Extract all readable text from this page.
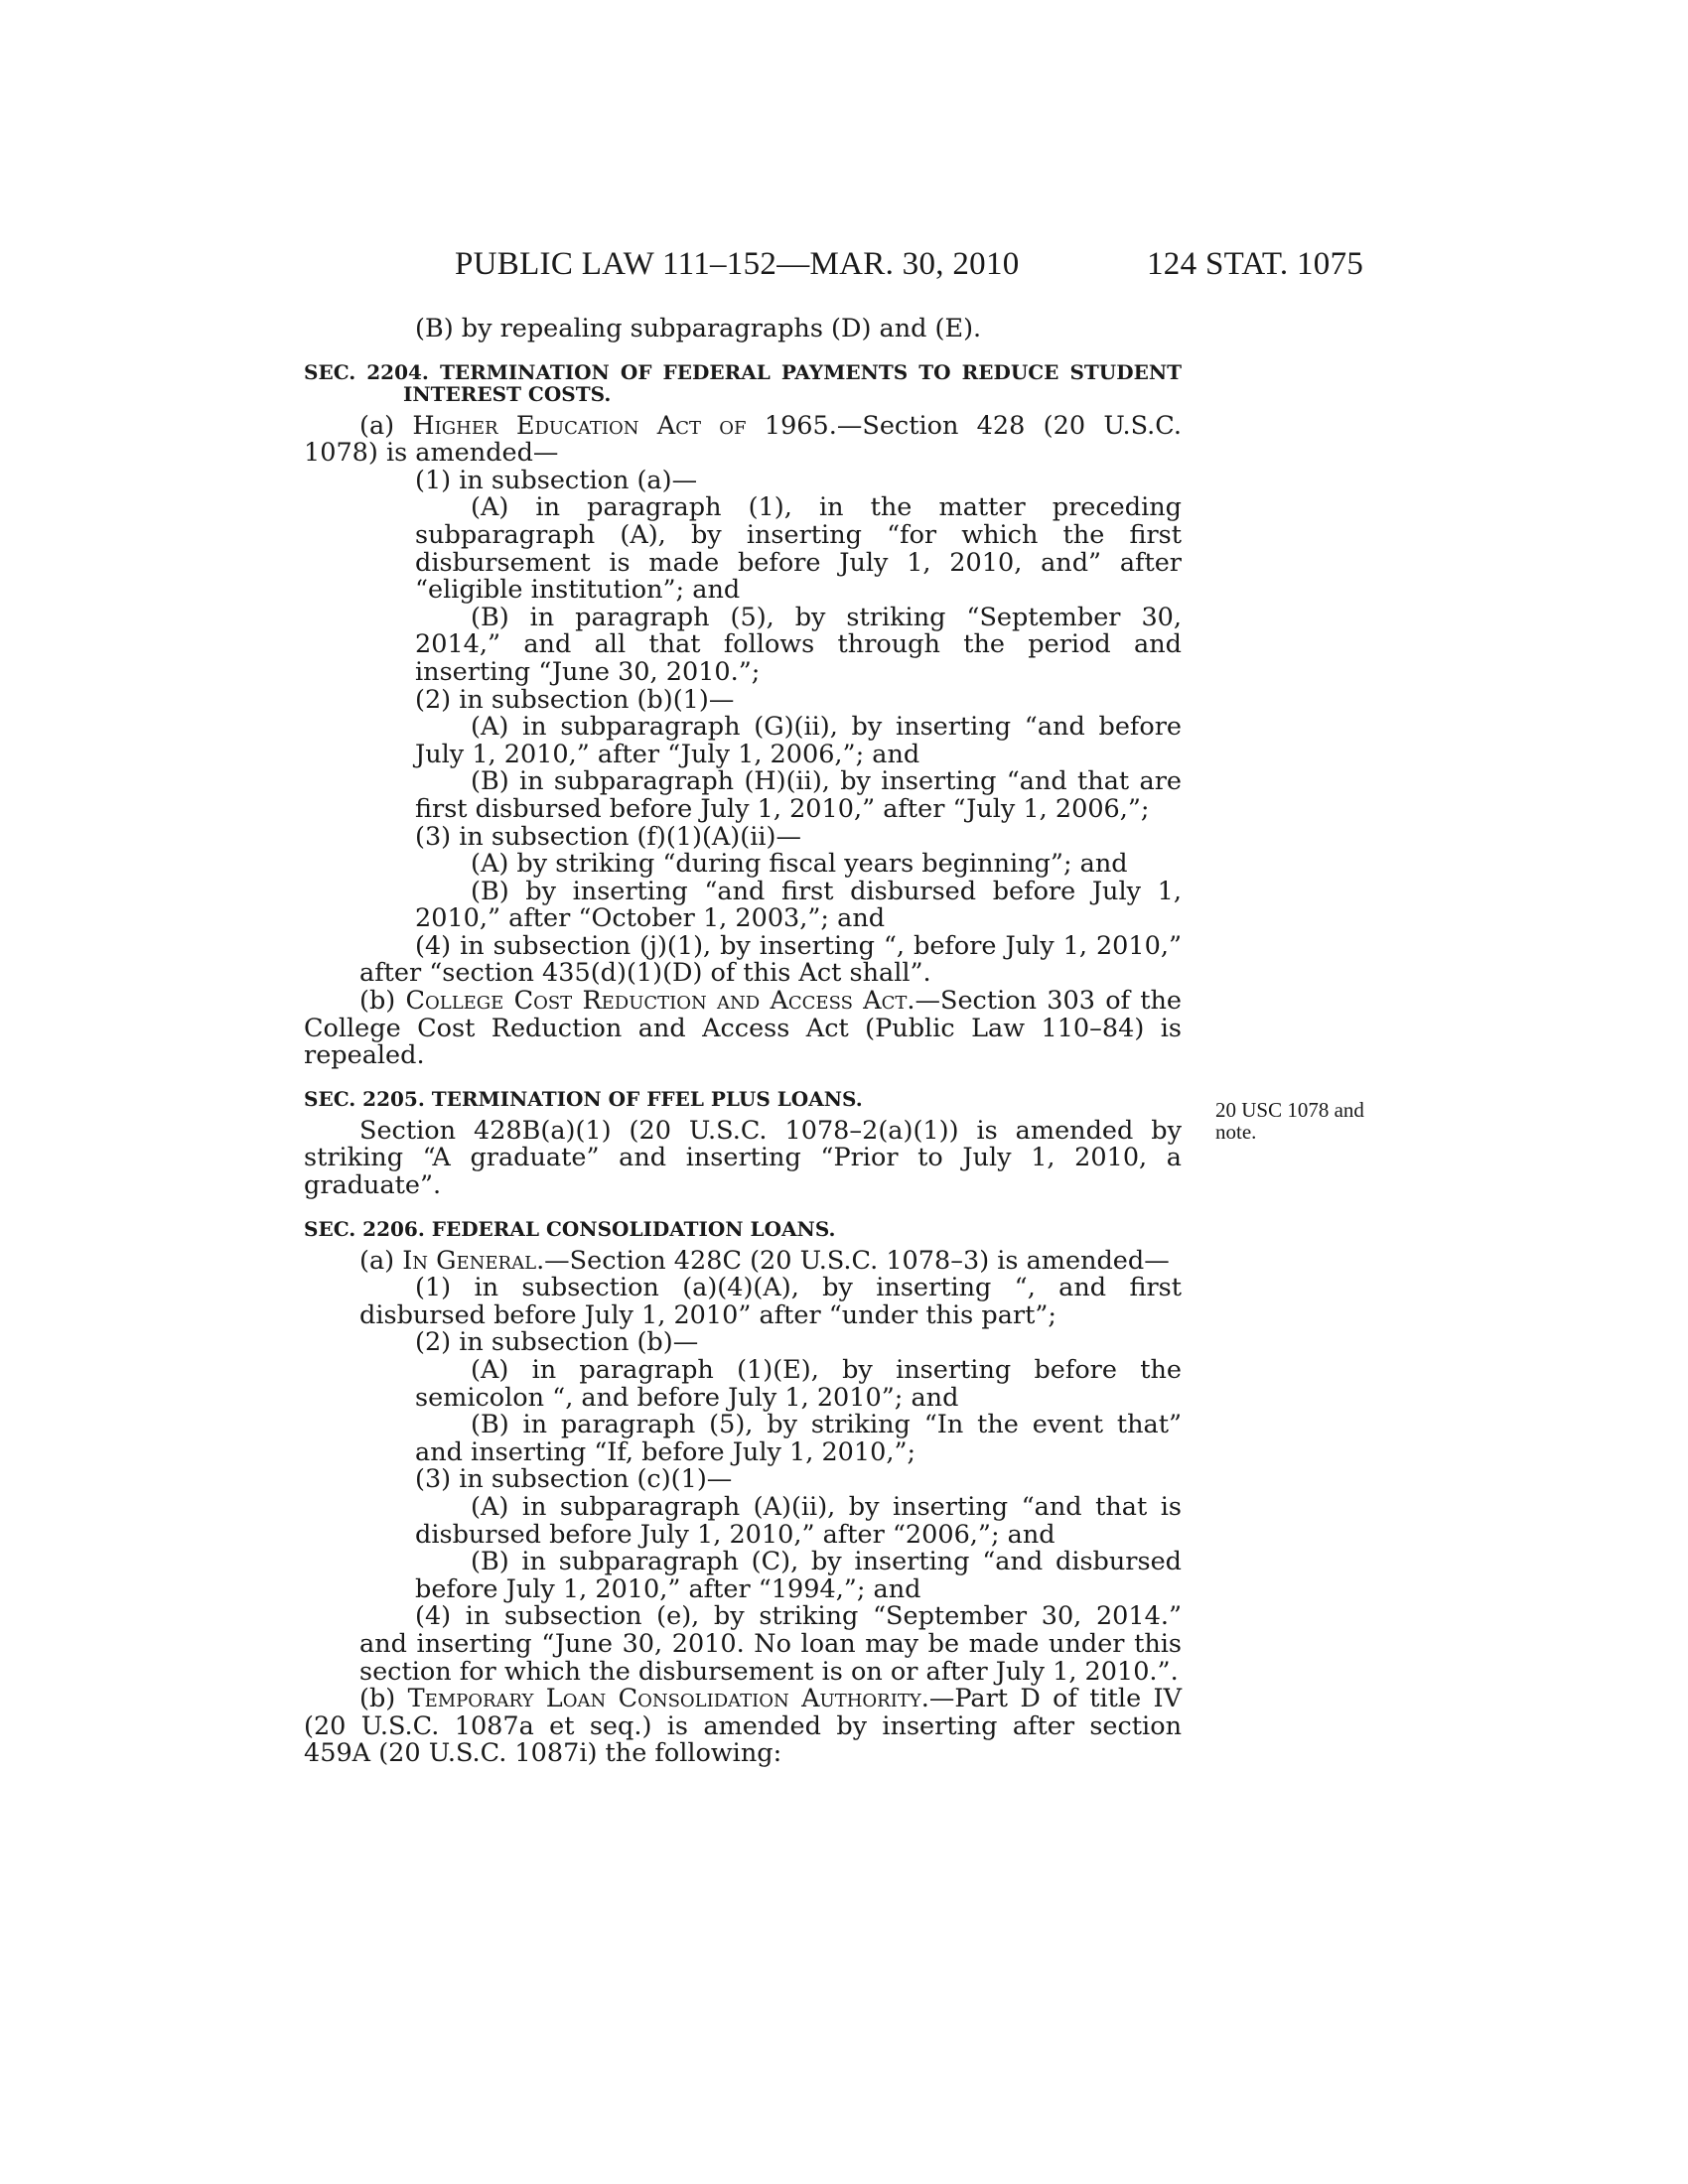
PUBLIC LAW 111–152—MAR. 30, 2010	124 STAT. 1075
20 USC 1078 and note.

(B) by repealing subparagraphs (D) and (E).

SEC. 2204. TERMINATION OF FEDERAL PAYMENTS TO REDUCE STUDENT INTEREST COSTS.

(a) Higher Education Act of 1965.—Section 428 (20 U.S.C. 1078) is amended—

(1) in subsection (a)—

(A) in paragraph (1), in the matter preceding subparagraph (A), by inserting “for which the first disbursement is made before July 1, 2010, and” after “eligible institution”; and

(B) in paragraph (5), by striking “September 30, 2014,” and all that follows through the period and inserting “June 30, 2010.”;

(2) in subsection (b)(1)—

(A) in subparagraph (G)(ii), by inserting “and before July 1, 2010,” after “July 1, 2006,”; and

(B) in subparagraph (H)(ii), by inserting “and that are first disbursed before July 1, 2010,” after “July 1, 2006,”;

(3) in subsection (f)(1)(A)(ii)—

(A) by striking “during fiscal years beginning”; and

(B) by inserting “and first disbursed before July 1, 2010,” after “October 1, 2003,”; and

(4) in subsection (j)(1), by inserting “, before July 1, 2010,” after “section 435(d)(1)(D) of this Act shall”.

(b) College Cost Reduction and Access Act.—Section 303 of the College Cost Reduction and Access Act (Public Law 110–84) is repealed.

SEC. 2205. TERMINATION OF FFEL PLUS LOANS.

Section 428B(a)(1) (20 U.S.C. 1078–2(a)(1)) is amended by striking “A graduate” and inserting “Prior to July 1, 2010, a graduate”.

SEC. 2206. FEDERAL CONSOLIDATION LOANS.

(a) In General.—Section 428C (20 U.S.C. 1078–3) is amended—

(1) in subsection (a)(4)(A), by inserting “, and first disbursed before July 1, 2010” after “under this part”;

(2) in subsection (b)—

(A) in paragraph (1)(E), by inserting before the semicolon “, and before July 1, 2010”; and

(B) in paragraph (5), by striking “In the event that” and inserting “If, before July 1, 2010,”;

(3) in subsection (c)(1)—

(A) in subparagraph (A)(ii), by inserting “and that is disbursed before July 1, 2010,” after “2006,”; and

(B) in subparagraph (C), by inserting “and disbursed before July 1, 2010,” after “1994,”; and

(4) in subsection (e), by striking “September 30, 2014.” and inserting “June 30, 2010. No loan may be made under this section for which the disbursement is on or after July 1, 2010.”.

(b) Temporary Loan Consolidation Authority.—Part D of title IV (20 U.S.C. 1087a et seq.) is amended by inserting after section 459A (20 U.S.C. 1087i) the following:
